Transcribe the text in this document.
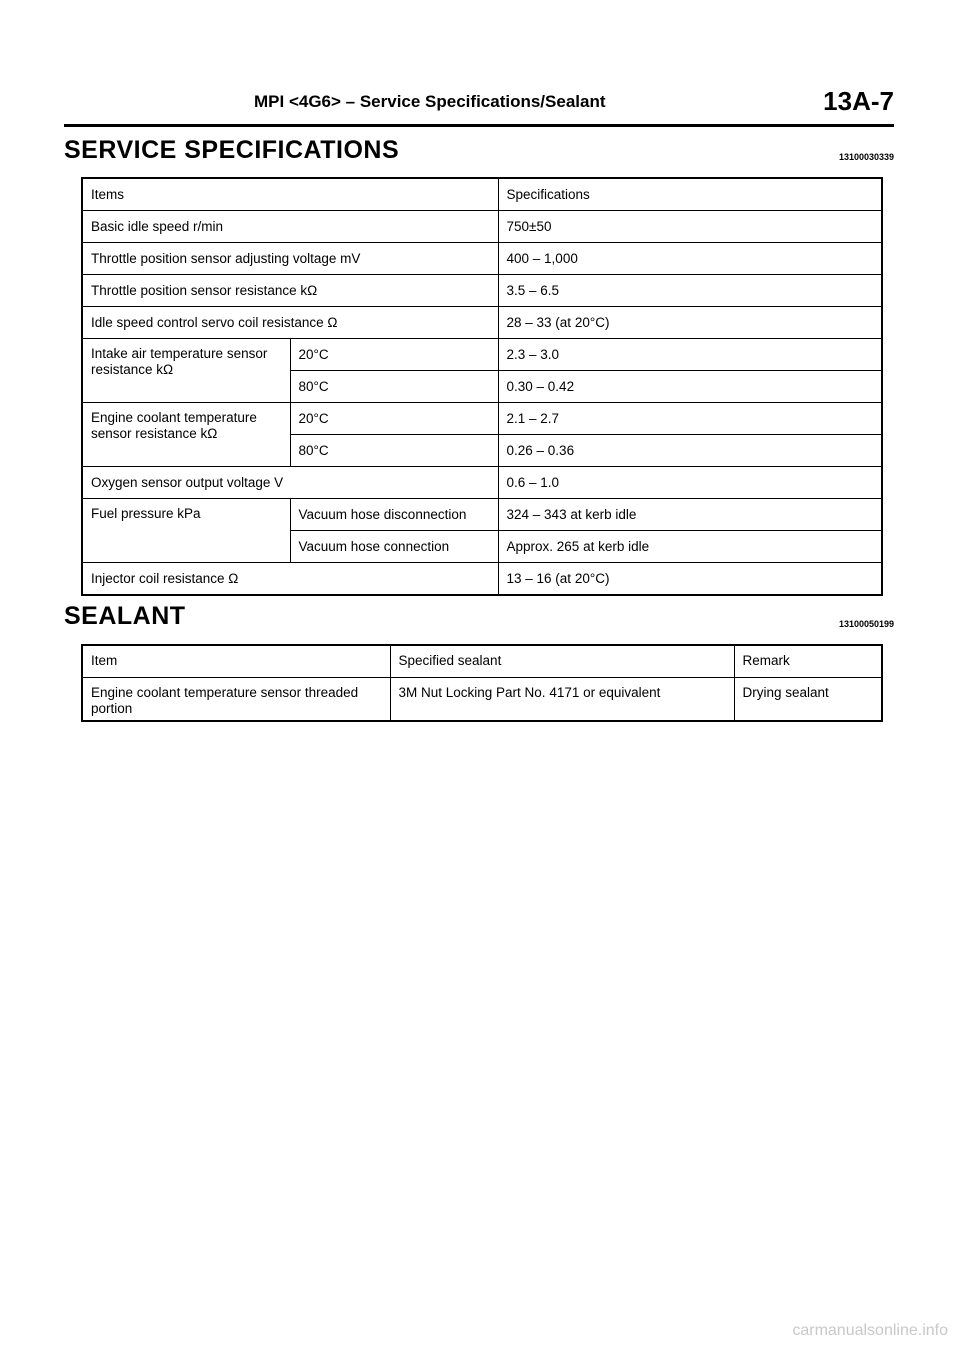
MPI <4G6> – Service Specifications/Sealant	13A-7
SERVICE SPECIFICATIONS	13100030339
Items		Specifications
Basic idle speed r/min		750±50
Throttle position sensor adjusting voltage mV		400 – 1,000
Throttle position sensor resistance kΩ		3.5 – 6.5
Idle speed control servo coil resistance Ω		28 – 33 (at 20°C)
Intake air temperature sensor resistance kΩ	20°C	2.3 – 3.0
	80°C	0.30 – 0.42
Engine coolant temperature sensor resistance kΩ	20°C	2.1 – 2.7
	80°C	0.26 – 0.36
Oxygen sensor output voltage V		0.6 – 1.0
Fuel pressure kPa	Vacuum hose disconnection	324 – 343 at kerb idle
	Vacuum hose connection	Approx. 265 at kerb idle
Injector coil resistance Ω		13 – 16 (at 20°C)
SEALANT	13100050199
Item	Specified sealant	Remark
Engine coolant temperature sensor threaded portion	3M Nut Locking Part No. 4171 or equivalent	Drying sealant
carmanualsonline.info
